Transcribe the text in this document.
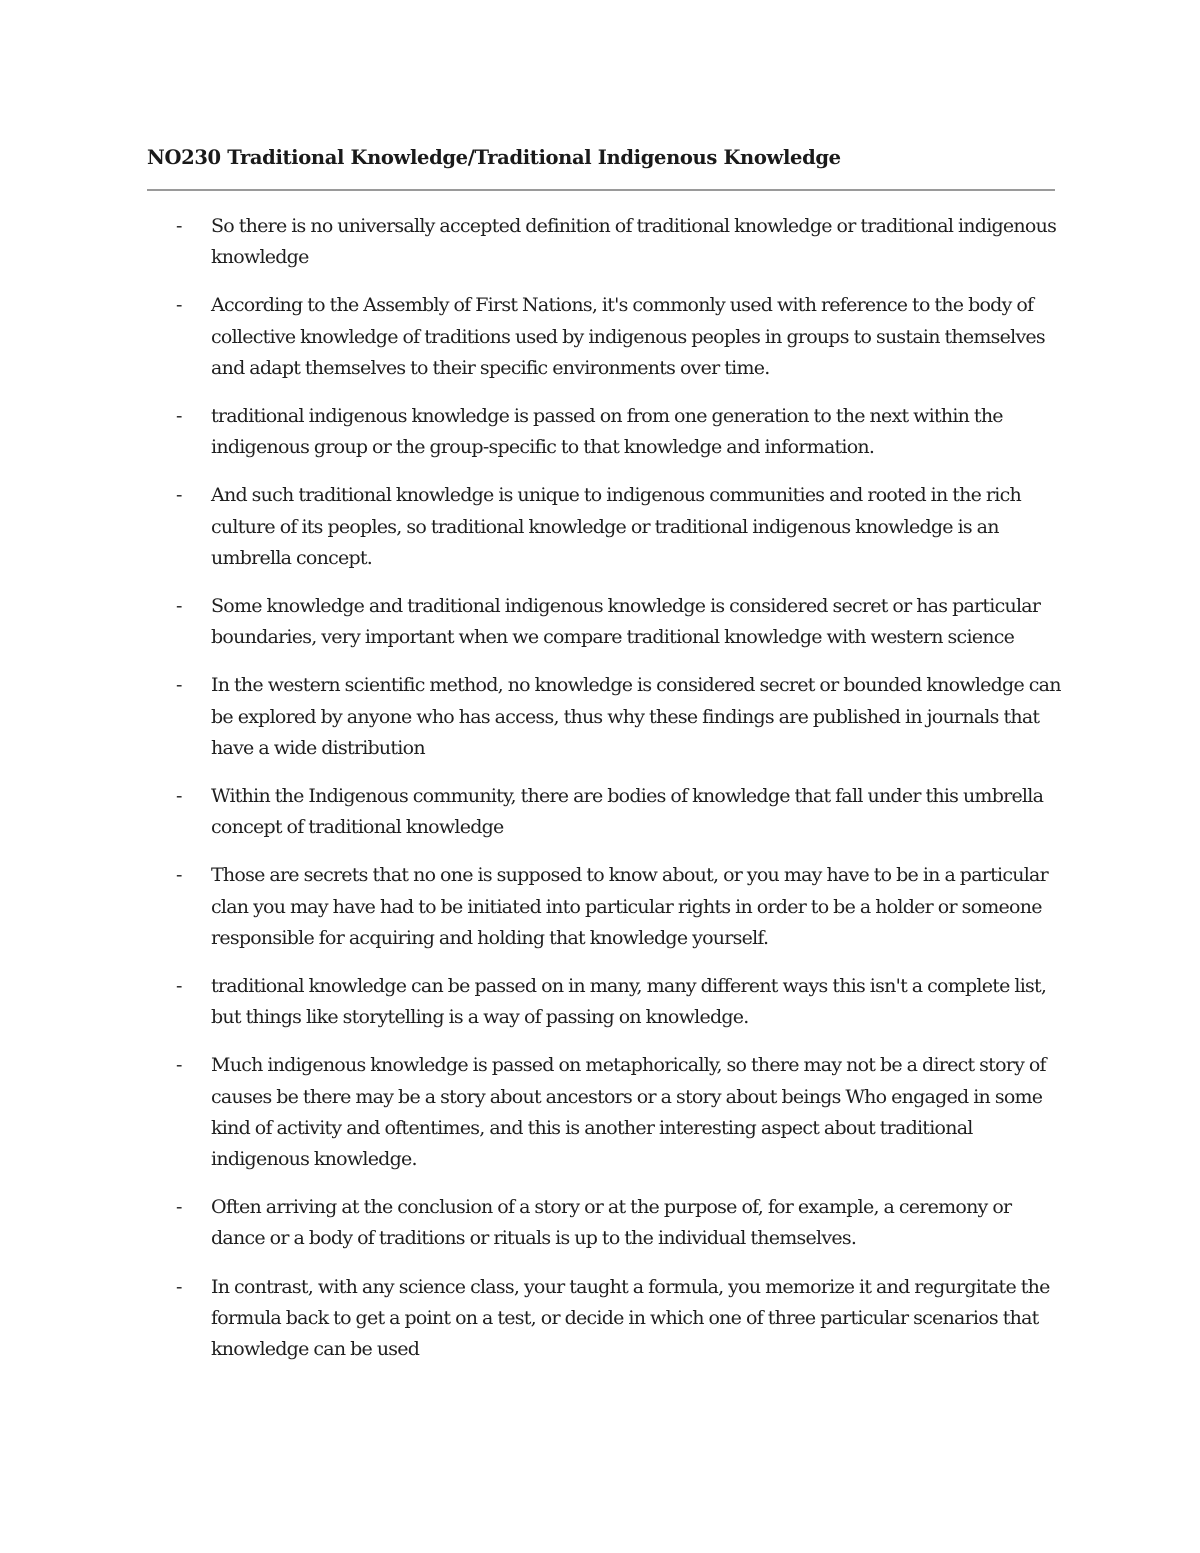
NO230 Traditional Knowledge/Traditional Indigenous Knowledge
- So there is no universally accepted definition of traditional knowledge or traditional indigenous knowledge
- According to the Assembly of First Nations, it's commonly used with reference to the body of collective knowledge of traditions used by indigenous peoples in groups to sustain themselves and adapt themselves to their specific environments over time.
- traditional indigenous knowledge is passed on from one generation to the next within the indigenous group or the group-specific to that knowledge and information.
- And such traditional knowledge is unique to indigenous communities and rooted in the rich culture of its peoples, so traditional knowledge or traditional indigenous knowledge is an umbrella concept.
- Some knowledge and traditional indigenous knowledge is considered secret or has particular boundaries, very important when we compare traditional knowledge with western science
- In the western scientific method, no knowledge is considered secret or bounded knowledge can be explored by anyone who has access, thus why these findings are published in journals that have a wide distribution
- Within the Indigenous community, there are bodies of knowledge that fall under this umbrella concept of traditional knowledge
- Those are secrets that no one is supposed to know about, or you may have to be in a particular clan you may have had to be initiated into particular rights in order to be a holder or someone responsible for acquiring and holding that knowledge yourself.
- traditional knowledge can be passed on in many, many different ways this isn't a complete list, but things like storytelling is a way of passing on knowledge.
- Much indigenous knowledge is passed on metaphorically, so there may not be a direct story of causes be there may be a story about ancestors or a story about beings Who engaged in some kind of activity and oftentimes, and this is another interesting aspect about traditional indigenous knowledge.
- Often arriving at the conclusion of a story or at the purpose of, for example, a ceremony or dance or a body of traditions or rituals is up to the individual themselves.
- In contrast, with any science class, your taught a formula, you memorize it and regurgitate the formula back to get a point on a test, or decide in which one of three particular scenarios that knowledge can be used
